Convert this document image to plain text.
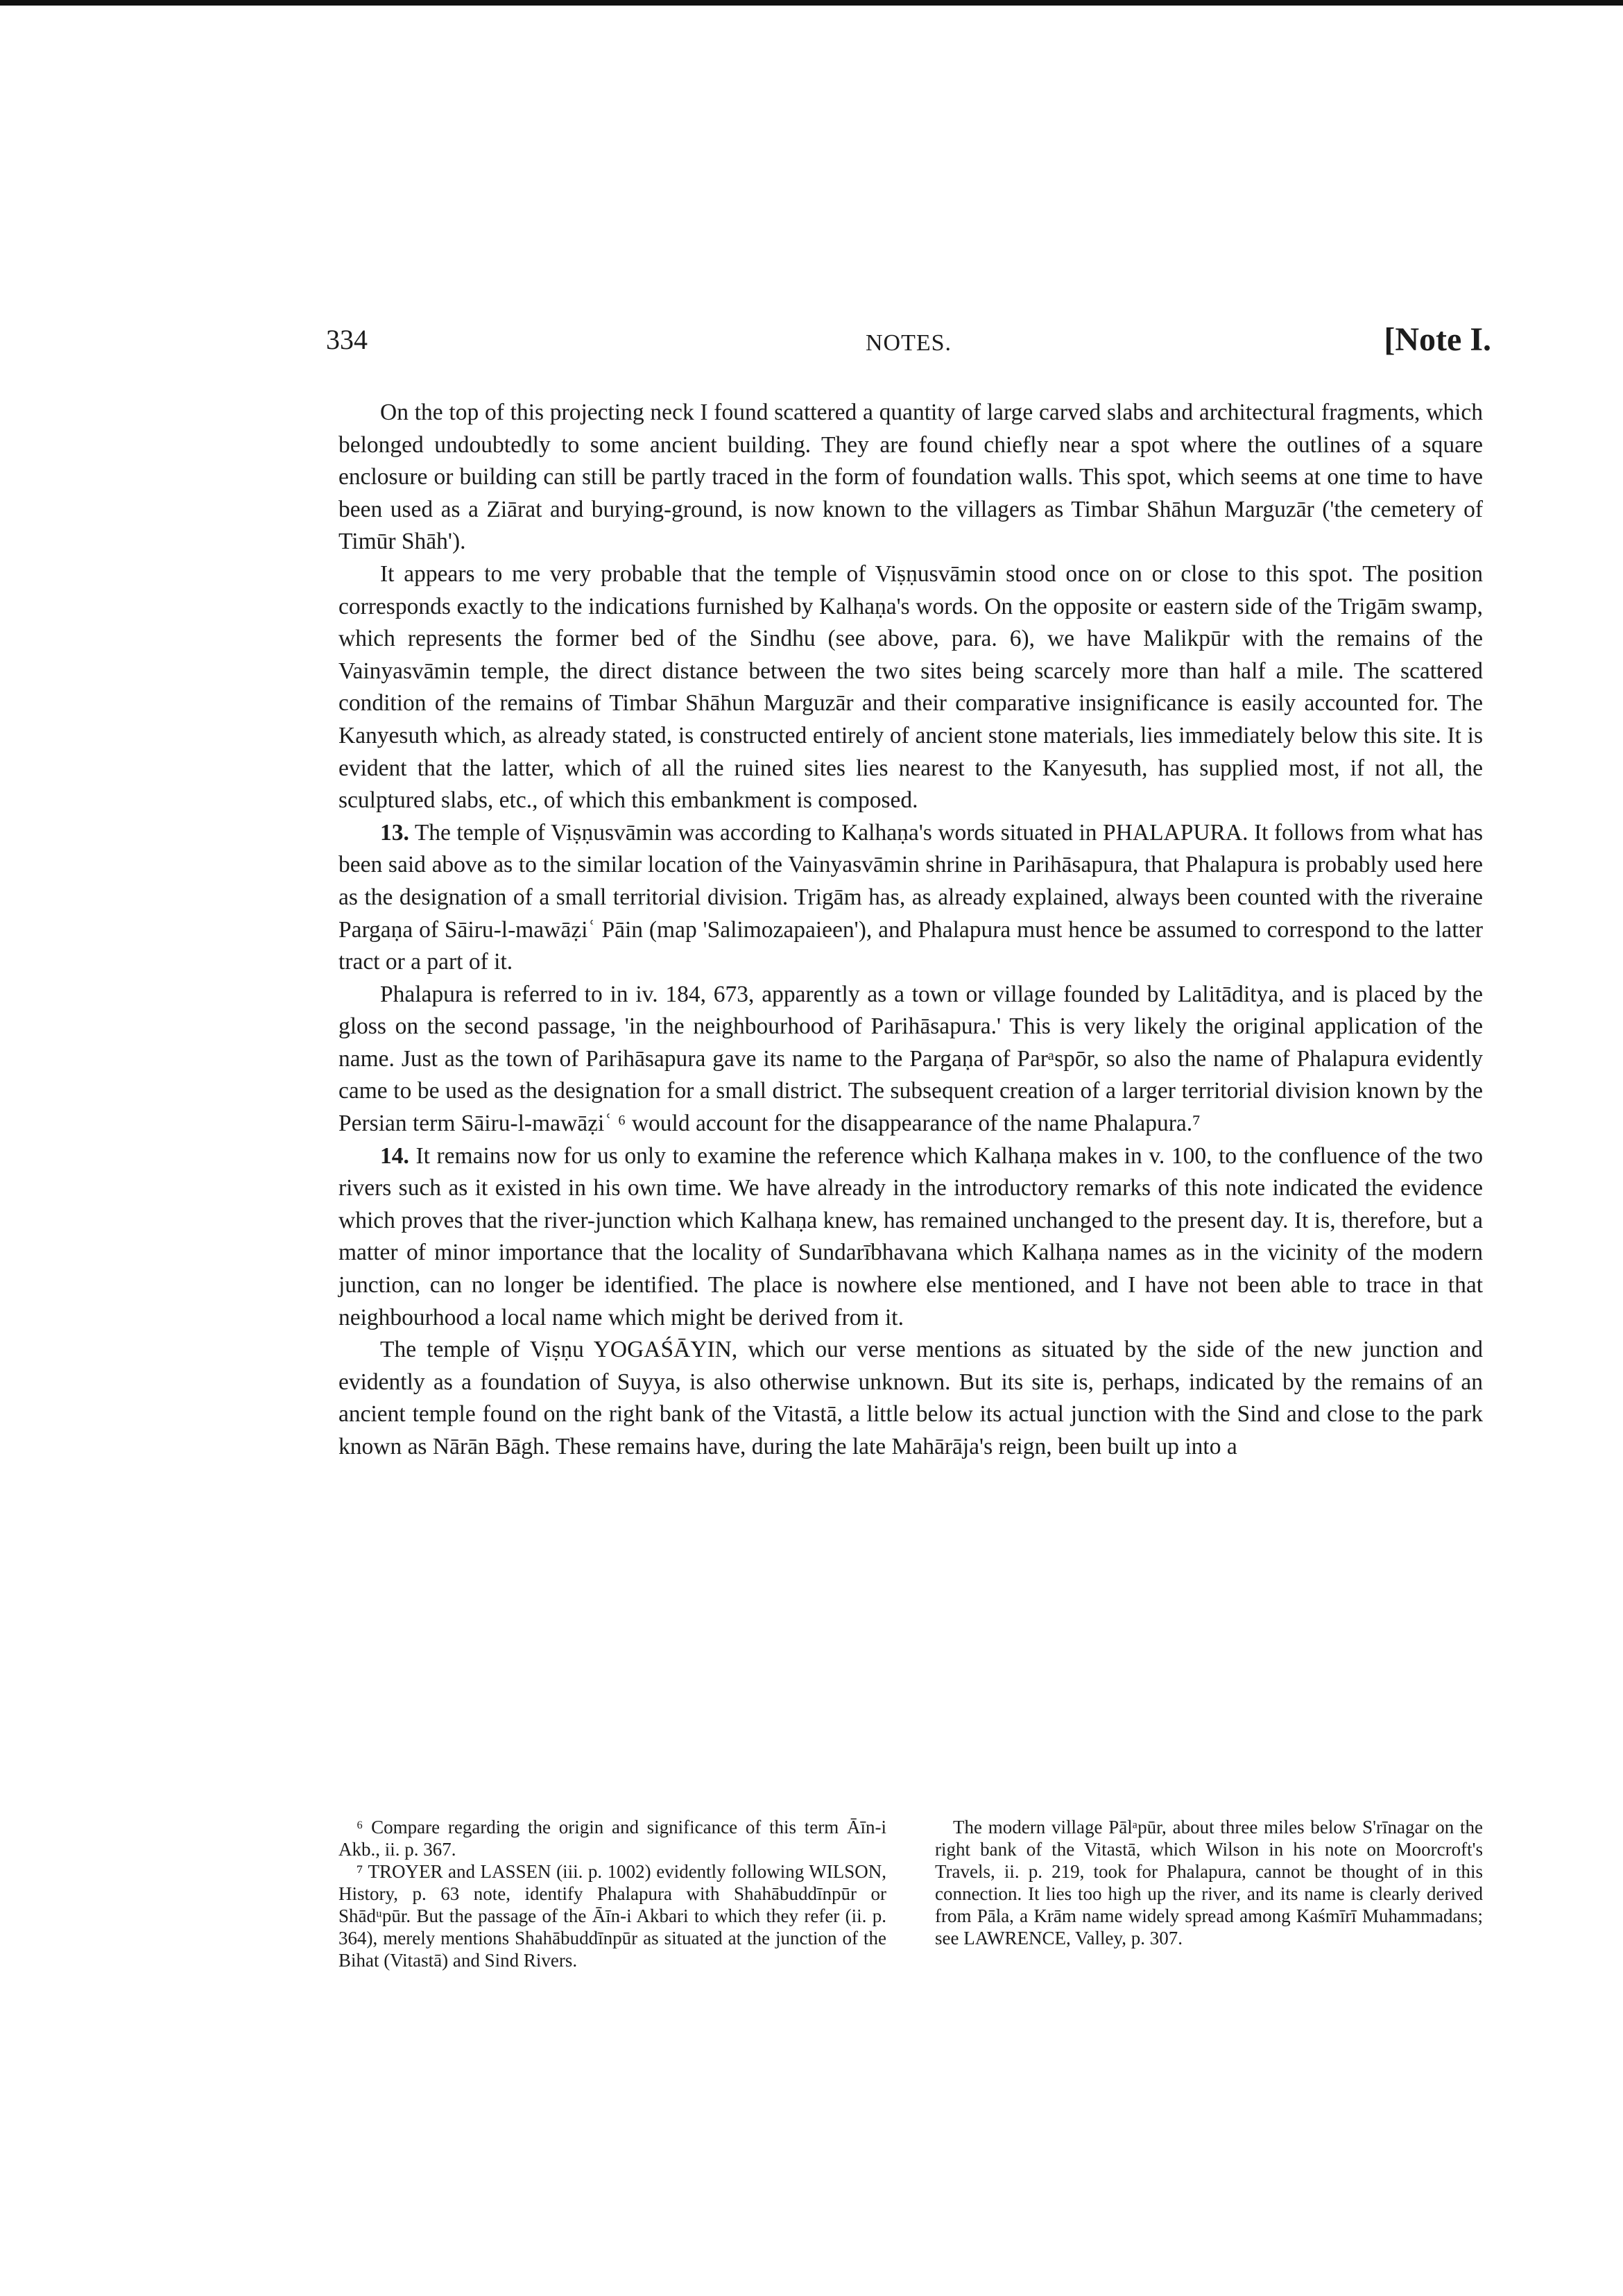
334	NOTES.	[Note I.

On the top of this projecting neck I found scattered a quantity of large carved slabs and architectural fragments, which belonged undoubtedly to some ancient building. They are found chiefly near a spot where the outlines of a square enclosure or building can still be partly traced in the form of foundation walls. This spot, which seems at one time to have been used as a Ziārat and burying-ground, is now known to the villagers as Timbar Shāhun Marguzār ('the cemetery of Timūr Shāh').

It appears to me very probable that the temple of Viṣṇusvāmin stood once on or close to this spot. The position corresponds exactly to the indications furnished by Kalhaṇa's words. On the opposite or eastern side of the Trigām swamp, which represents the former bed of the Sindhu (see above, para. 6), we have Malikpūr with the remains of the Vainyasvāmin temple, the direct distance between the two sites being scarcely more than half a mile. The scattered condition of the remains of Timbar Shāhun Marguzār and their comparative insignificance is easily accounted for. The Kanyesuth which, as already stated, is constructed entirely of ancient stone materials, lies immediately below this site. It is evident that the latter, which of all the ruined sites lies nearest to the Kanyesuth, has supplied most, if not all, the sculptured slabs, etc., of which this embankment is composed.

13. The temple of Viṣṇusvāmin was according to Kalhaṇa's words situated in PHALAPURA. It follows from what has been said above as to the similar location of the Vainyasvāmin shrine in Parihāsapura, that Phalapura is probably used here as the designation of a small territorial division. Trigām has, as already explained, always been counted with the riveraine Pargaṇa of Sāiru-l-mawāẓiʿ Pāin (map 'Salimozapaieen'), and Phalapura must hence be assumed to correspond to the latter tract or a part of it.

Phalapura is referred to in iv. 184, 673, apparently as a town or village founded by Lalitāditya, and is placed by the gloss on the second passage, 'in the neighbourhood of Parihāsapura.' This is very likely the original application of the name. Just as the town of Parihāsapura gave its name to the Pargaṇa of Parᵃspōr, so also the name of Phalapura evidently came to be used as the designation for a small district. The subsequent creation of a larger territorial division known by the Persian term Sāiru-l-mawāẓiʿ ⁶ would account for the disappearance of the name Phalapura.⁷

14. It remains now for us only to examine the reference which Kalhaṇa makes in v. 100, to the confluence of the two rivers such as it existed in his own time. We have already in the introductory remarks of this note indicated the evidence which proves that the river-junction which Kalhaṇa knew, has remained unchanged to the present day. It is, therefore, but a matter of minor importance that the locality of Sundarībhavana which Kalhaṇa names as in the vicinity of the modern junction, can no longer be identified. The place is nowhere else mentioned, and I have not been able to trace in that neighbourhood a local name which might be derived from it.

The temple of Viṣṇu YOGAŚĀYIN, which our verse mentions as situated by the side of the new junction and evidently as a foundation of Suyya, is also otherwise unknown. But its site is, perhaps, indicated by the remains of an ancient temple found on the right bank of the Vitastā, a little below its actual junction with the Sind and close to the park known as Nārān Bāgh. These remains have, during the late Mahārāja's reign, been built up into a

⁶ Compare regarding the origin and significance of this term Āīn-i Akb., ii. p. 367.

⁷ TROYER and LASSEN (iii. p. 1002) evidently following WILSON, History, p. 63 note, identify Phalapura with Shahābuddīnpūr or Shādᵘpūr. But the passage of the Āīn-i Akbari to which they refer (ii. p. 364), merely mentions Shahābuddīnpūr as situated at the junction of the Bihat (Vitastā) and Sind Rivers.

The modern village Pālᵃpūr, about three miles below S'rīnagar on the right bank of the Vitastā, which Wilson in his note on Moorcroft's Travels, ii. p. 219, took for Phalapura, cannot be thought of in this connection. It lies too high up the river, and its name is clearly derived from Pāla, a Krām name widely spread among Kaśmīrī Muhammadans; see LAWRENCE, Valley, p. 307.
